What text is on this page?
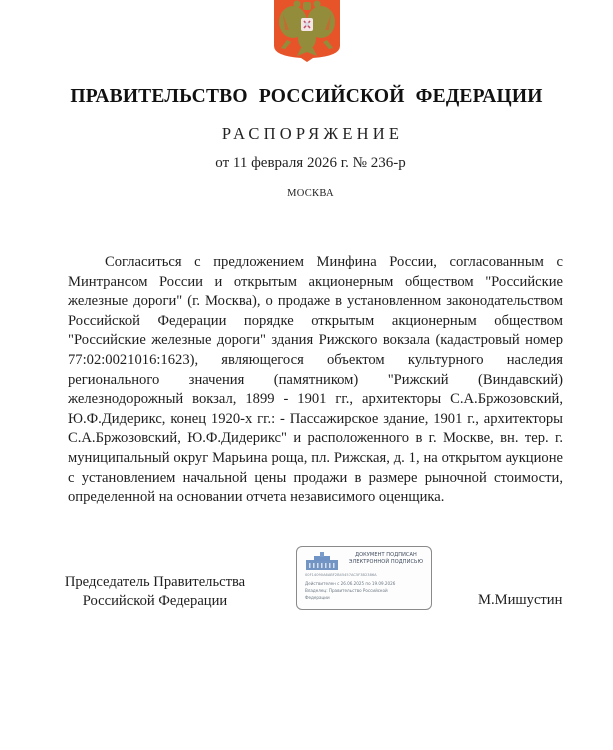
ПРАВИТЕЛЬСТВО РОССИЙСКОЙ ФЕДЕРАЦИИ
РАСПОРЯЖЕНИЕ
от 11 февраля 2026 г. № 236-р
МОСКВА

Согласиться с предложением Минфина России, согласованным с Минтрансом России и открытым акционерным обществом "Российские железные дороги" (г. Москва), о продаже в установленном законодательством Российской Федерации порядке открытым акционерным обществом "Российские железные дороги" здания Рижского вокзала (кадастровый номер 77:02:0021016:1623), являющегося объектом культурного наследия регионального значения (памятником) "Рижский (Виндавский) железнодорожный вокзал, 1899 - 1901 гг., архитекторы С.А.Бржозовский, Ю.Ф.Дидерикс, конец 1920-х гг.: - Пассажирское здание, 1901 г., архитекторы С.А.Бржозовский, Ю.Ф.Дидерикс" и расположенного в г. Москве, вн. тер. г. муниципальный округ Марьина роща, пл. Рижская, д. 1, на открытом аукционе с установлением начальной цены продажи в размере рыночной стоимости, определенной на основании отчета независимого оценщика.

Председатель Правительства
Российской Федерации
ДОКУМЕНТ ПОДПИСАН
ЭЛЕКТРОННОЙ ПОДПИСЬЮ
00F14090A6ABF2B45457AC5F3B2386A
Действителен с 26.06.2025 по 19.09.2026
Владелец: Правительство Российской
Федерации	М.Мишустин
